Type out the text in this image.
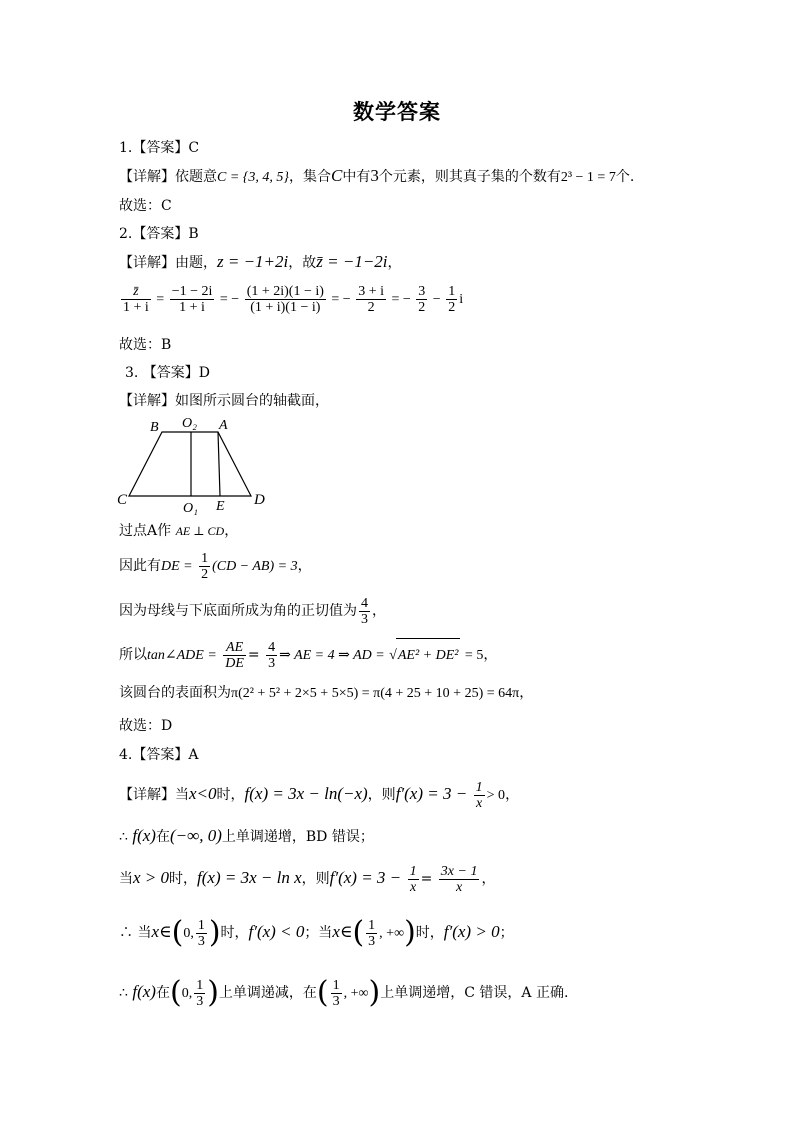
数学答案
1.【答案】C
【详解】依题意C = {3, 4, 5}，集合C中有3个元素，则其真子集的个数有2³ − 1 = 7个.
故选：C
2.【答案】B
【详解】由题，z = −1+2i，故z̄ = −1−2i，
$\frac{z̄}{1 + i} = \frac{-1 - 2i}{1 + i}$ = − $\frac{(1 + 2i)(1 - i)}{(1 + i)(1 - i)}$ = − $\frac{3 + i}{2}$ = − $\frac{3}{2} - \frac{1}{2}$ i
故选：B
3. 【答案】D
【详解】如图所示圆台的轴截面，
B O₂ A
C
O₁ E D
过点A作 AE ⊥ CD，
因此有DE = $\frac{1}{2} (CD - AB) = 3$，
因为母线与下底面所成为角的正切值为 $\frac{4}{3}$ ，
所以tan∠ADE = $\frac{AE}{DE} = \frac{4}{3}$ ⇒ AE = 4 ⇒ AD = √AE² + DE² = 5，
该圆台的表面积为π(2² + 5² + 2×5 + 5×5) = π(4 + 25 + 10 + 25) = 64π，
故选：D
4.【答案】A
【详解】当x<0时，f(x) = 3x − ln(−x)，则$f'(x) = 3 - \frac{1}{x} > 0$，
∴ f(x)在(−∞, 0)上单调递增，BD 错误；
当x > 0时，f(x) = 3x − ln x，则$f'(x) = 3 - \frac{1}{x} = \frac{3x - 1}{x}$ ，
∴ 当x∈(0, $\frac{1}{3}$ )时，f′(x) < 0；当x∈( $\frac{1}{3}$ , +∞)时，f′(x) > 0；
∴ f(x)在(0, $\frac{1}{3}$ )上单调递减，在( $\frac{1}{3}$ , +∞)上单调递增，C 错误，A 正确.
